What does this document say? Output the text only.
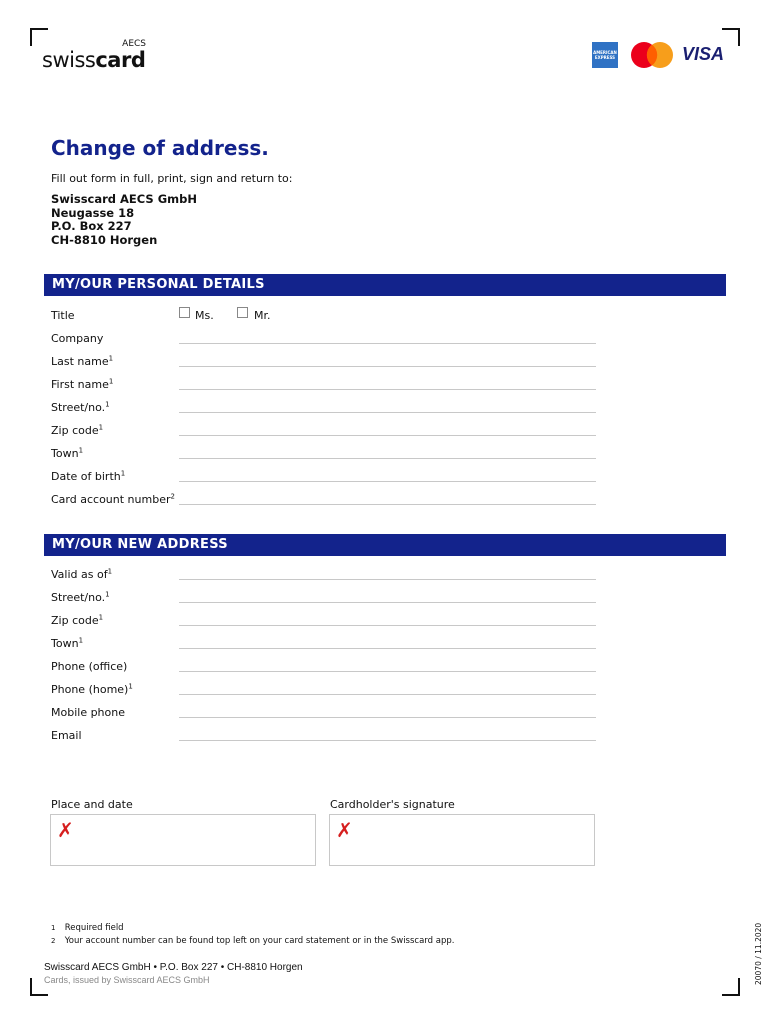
AECS
swisscard	AMERICAN EXPRESS	VISA
Change of address.
Fill out form in full, print, sign and return to:
Swisscard AECS GmbH
Neugasse 18
P.O. Box 227
CH-8810 Horgen
MY/OUR PERSONAL DETAILS
Title	Ms.	Mr.
Company
Last name$^1$
First name$^1$
Street/no.$^1$
Zip code$^1$
Town$^1$
Date of birth$^1$
Card account number$^2$
MY/OUR NEW ADDRESS
Valid as $of^1$
Street/no.$^1$
Zip code$^1$
Town$^1$
Phone (office)
Phone (home)$^1$
Mobile phone
Email
Place and date	Cardholder's signature
✗	✗
1 Required field
2 Your account number can be found top left on your card statement or in the Swisscard app.
Swisscard AECS GmbH • P.O. Box 227 • CH-8810 Horgen
Cards, issued by Swisscard AECS GmbH	20070 / 11.2020
